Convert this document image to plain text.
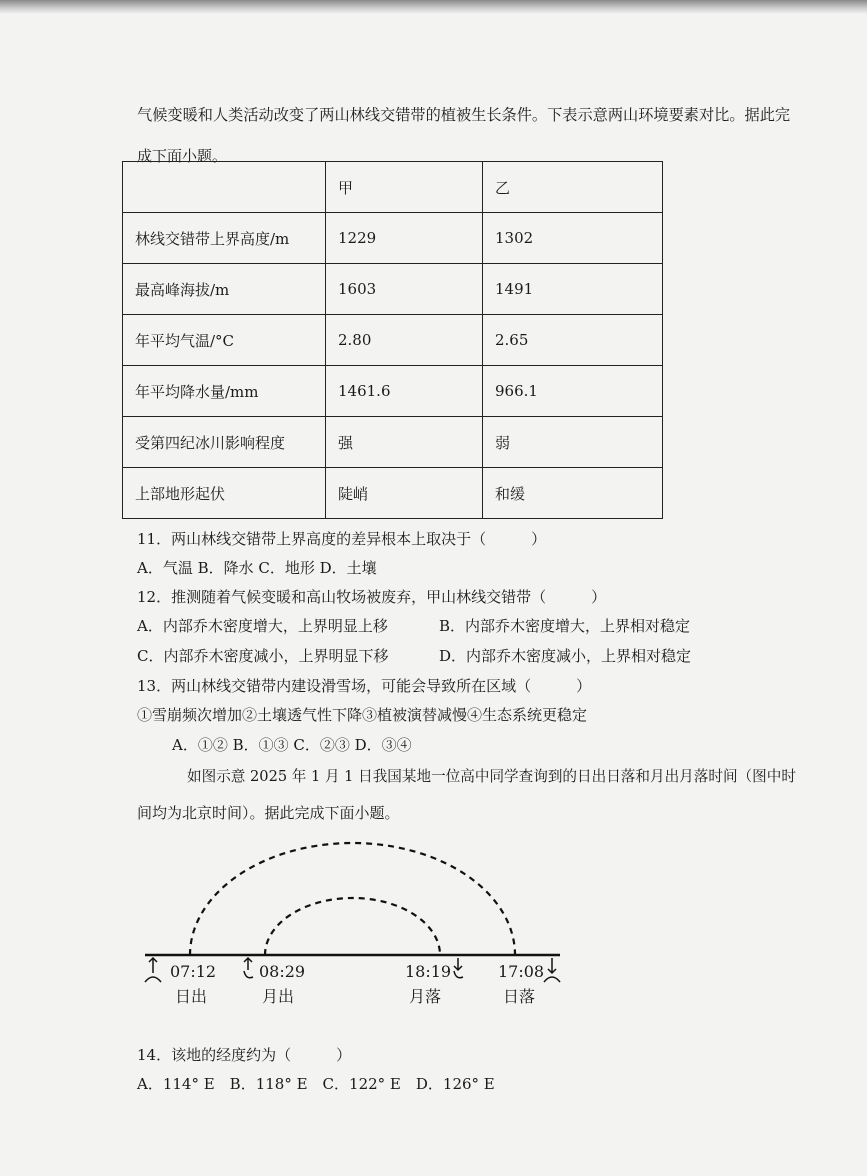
气候变暖和人类活动改变了两山林线交错带的植被生长条件。下表示意两山环境要素对比。据此完
成下面小题。
	甲	乙
林线交错带上界高度/m	1229	1302
最高峰海拔/m	1603	1491
年平均气温/°C	2.80	2.65
年平均降水量/mm	1461.6	966.1
受第四纪冰川影响程度	强	弱
上部地形起伏	陡峭	和缓
11．两山林线交错带上界高度的差异根本上取决于（　　　）
A．气温 B．降水 C．地形 D．土壤
12．推测随着气候变暖和高山牧场被废弃，甲山林线交错带（　　　）
A．内部乔木密度增大，上界明显上移	B．内部乔木密度增大，上界相对稳定
C．内部乔木密度减小，上界明显下移	D．内部乔木密度减小，上界相对稳定
13．两山林线交错带内建设滑雪场，可能会导致所在区域（　　　）
①雪崩频次增加②土壤透气性下降③植被演替减慢④生态系统更稳定
A．①② B．①③ C．②③ D．③④
如图示意 2025 年 1 月 1 日我国某地一位高中同学查询到的日出日落和月出月落时间（图中时
间均为北京时间）。据此完成下面小题。
07:12
日出
08:29
月出
18:19
月落
17:08
日落
14．该地的经度约为（　　　）
A．114° E　B．118° E　C．122° E　D．126° E
